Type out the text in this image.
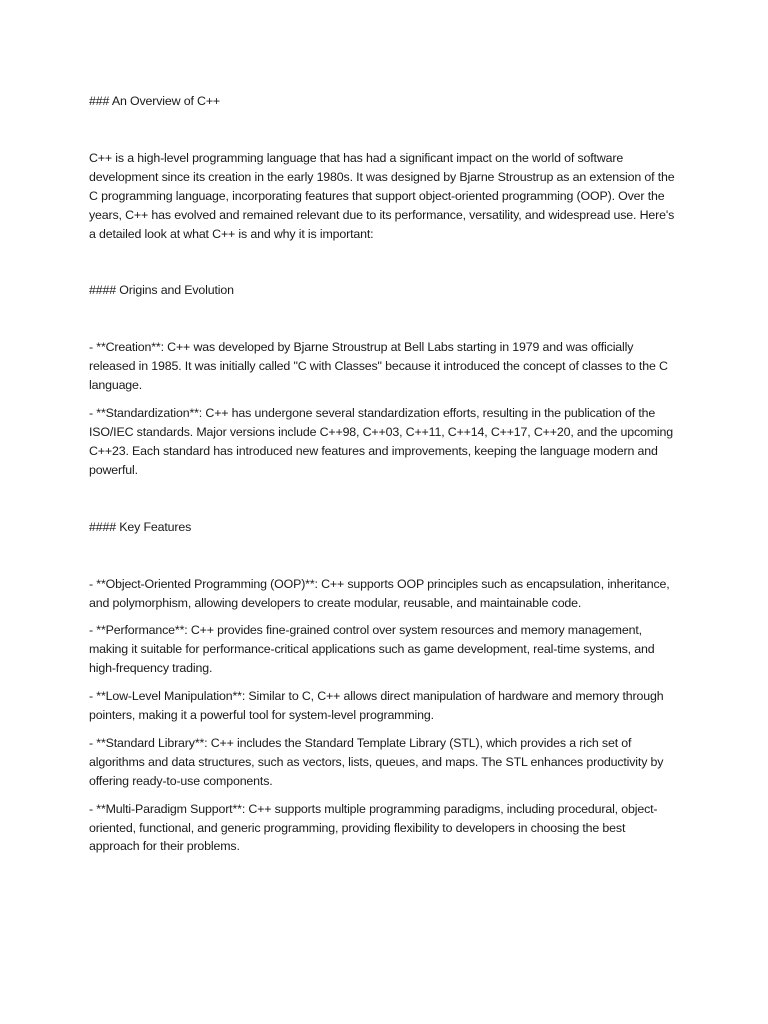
### An Overview of C++

C++ is a high-level programming language that has had a significant impact on the world of software development since its creation in the early 1980s. It was designed by Bjarne Stroustrup as an extension of the C programming language, incorporating features that support object-oriented programming (OOP). Over the years, C++ has evolved and remained relevant due to its performance, versatility, and widespread use. Here's a detailed look at what C++ is and why it is important:

#### Origins and Evolution

- **Creation**: C++ was developed by Bjarne Stroustrup at Bell Labs starting in 1979 and was officially released in 1985. It was initially called "C with Classes" because it introduced the concept of classes to the C language.

- **Standardization**: C++ has undergone several standardization efforts, resulting in the publication of the ISO/IEC standards. Major versions include C++98, C++03, C++11, C++14, C++17, C++20, and the upcoming C++23. Each standard has introduced new features and improvements, keeping the language modern and powerful.

#### Key Features

- **Object-Oriented Programming (OOP)**: C++ supports OOP principles such as encapsulation, inheritance, and polymorphism, allowing developers to create modular, reusable, and maintainable code.

- **Performance**: C++ provides fine-grained control over system resources and memory management, making it suitable for performance-critical applications such as game development, real-time systems, and high-frequency trading.

- **Low-Level Manipulation**: Similar to C, C++ allows direct manipulation of hardware and memory through pointers, making it a powerful tool for system-level programming.

- **Standard Library**: C++ includes the Standard Template Library (STL), which provides a rich set of algorithms and data structures, such as vectors, lists, queues, and maps. The STL enhances productivity by offering ready-to-use components.

- **Multi-Paradigm Support**: C++ supports multiple programming paradigms, including procedural, object-oriented, functional, and generic programming, providing flexibility to developers in choosing the best approach for their problems.
